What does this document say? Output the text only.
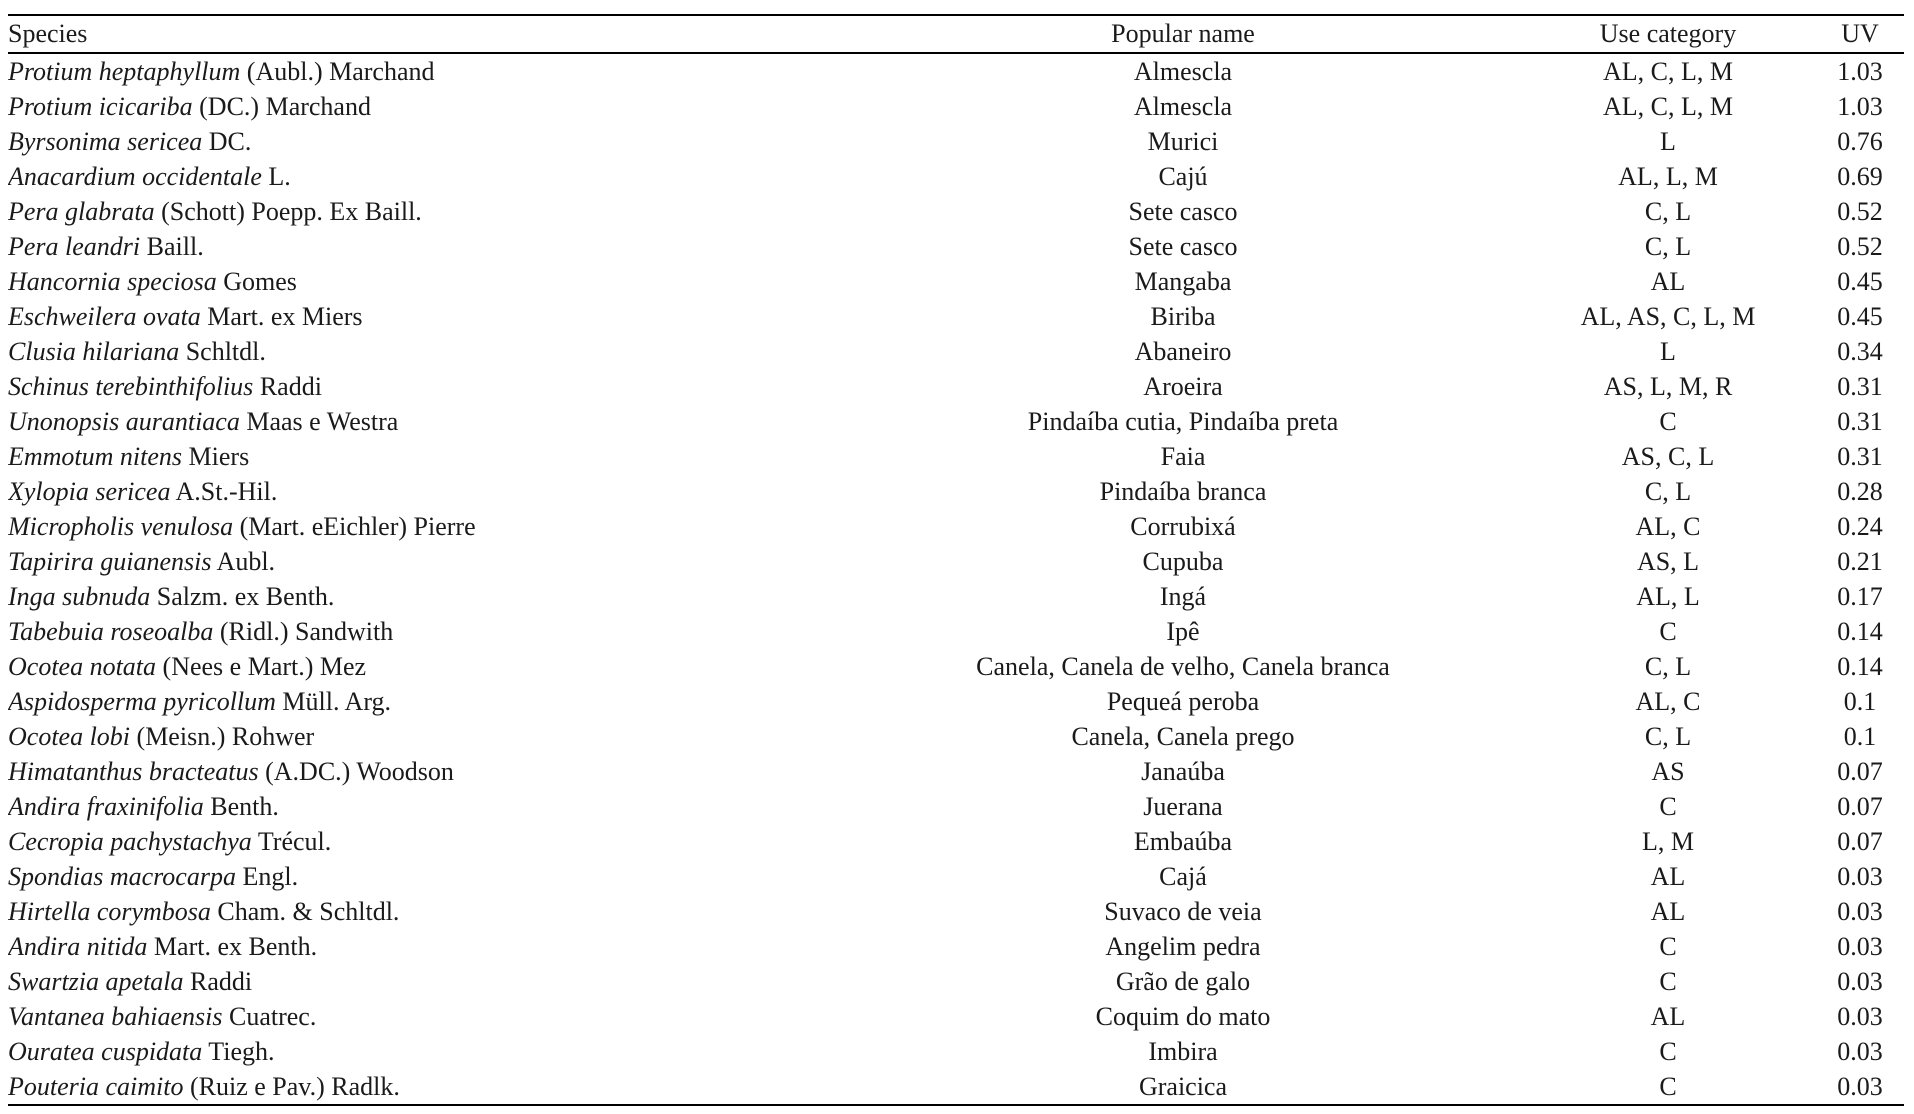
Species	Popular name	Use category	UV
Protium heptaphyllum (Aubl.) Marchand	Almescla	AL, C, L, M	1.03
Protium icicariba (DC.) Marchand	Almescla	AL, C, L, M	1.03
Byrsonima sericea DC.	Murici	L	0.76
Anacardium occidentale L.	Cajú	AL, L, M	0.69
Pera glabrata (Schott) Poepp. Ex Baill.	Sete casco	C, L	0.52
Pera leandri Baill.	Sete casco	C, L	0.52
Hancornia speciosa Gomes	Mangaba	AL	0.45
Eschweilera ovata Mart. ex Miers	Biriba	AL, AS, C, L, M	0.45
Clusia hilariana Schltdl.	Abaneiro	L	0.34
Schinus terebinthifolius Raddi	Aroeira	AS, L, M, R	0.31
Unonopsis aurantiaca Maas e Westra	Pindaíba cutia, Pindaíba preta	C	0.31
Emmotum nitens Miers	Faia	AS, C, L	0.31
Xylopia sericea A.St.-Hil.	Pindaíba branca	C, L	0.28
Micropholis venulosa (Mart. eEichler) Pierre	Corrubixá	AL, C	0.24
Tapirira guianensis Aubl.	Cupuba	AS, L	0.21
Inga subnuda Salzm. ex Benth.	Ingá	AL, L	0.17
Tabebuia roseoalba (Ridl.) Sandwith	Ipê	C	0.14
Ocotea notata (Nees e Mart.) Mez	Canela, Canela de velho, Canela branca	C, L	0.14
Aspidosperma pyricollum Müll. Arg.	Pequeá peroba	AL, C	0.1
Ocotea lobi (Meisn.) Rohwer	Canela, Canela prego	C, L	0.1
Himatanthus bracteatus (A.DC.) Woodson	Janaúba	AS	0.07
Andira fraxinifolia Benth.	Juerana	C	0.07
Cecropia pachystachya Trécul.	Embaúba	L, M	0.07
Spondias macrocarpa Engl.	Cajá	AL	0.03
Hirtella corymbosa Cham. & Schltdl.	Suvaco de veia	AL	0.03
Andira nitida Mart. ex Benth.	Angelim pedra	C	0.03
Swartzia apetala Raddi	Grão de galo	C	0.03
Vantanea bahiaensis Cuatrec.	Coquim do mato	AL	0.03
Ouratea cuspidata Tiegh.	Imbira	C	0.03
Pouteria caimito (Ruiz e Pav.) Radlk.	Graicica	C	0.03
